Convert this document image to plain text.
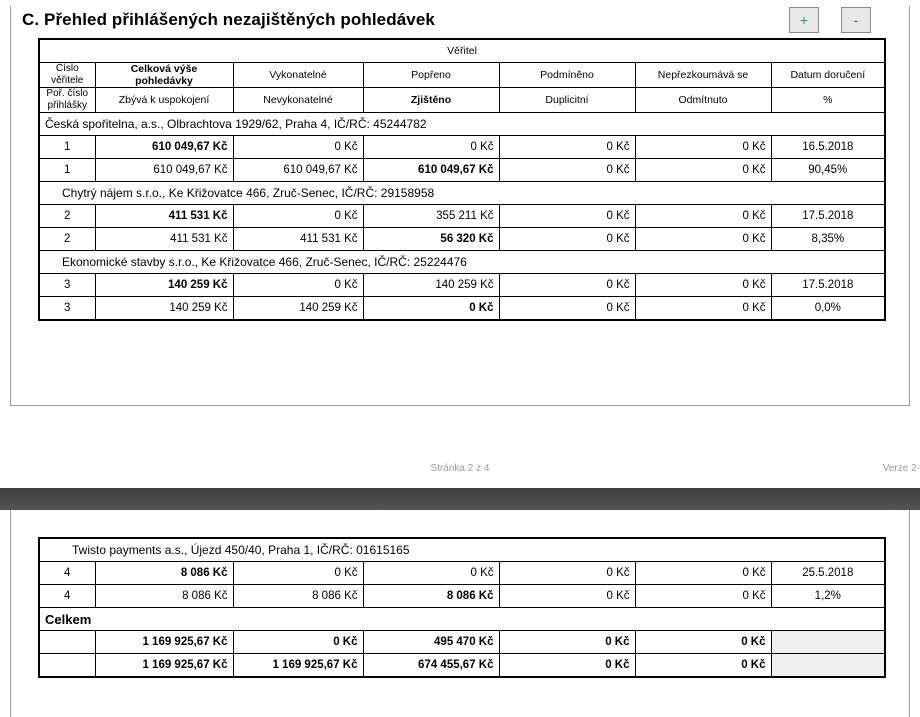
C. Přehled přihlášených nezajištěných pohledávek	+	-
Věřitel						
Číslo věřitele	Celková výše pohledávky	Vykonatelné	Popřeno	Podmíněno	Nepřezkoumává se	Datum doručení
Poř. číslo přihlášky	Zbývá k uspokojení	Nevykonatelné	Zjištěno	Duplicitní	Odmítnuto	%
Česká spořitelna, a.s., Olbrachtova 1929/62, Praha 4, IČ/RČ: 45244782						
1	610 049,67 Kč	0 Kč	0 Kč	0 Kč	0 Kč	16.5.2018
1	610 049,67 Kč	610 049,67 Kč	610 049,67 Kč	0 Kč	0 Kč	90,45%
Chytrý nájem s.r.o., Ke Křižovatce 466, Zruč-Senec, IČ/RČ: 29158958						
2	411 531 Kč	0 Kč	355 211 Kč	0 Kč	0 Kč	17.5.2018
2	411 531 Kč	411 531 Kč	56 320 Kč	0 Kč	0 Kč	8,35%
Ekonomické stavby s.r.o., Ke Křižovatce 466, Zruč-Senec, IČ/RČ: 25224476						
3	140 259 Kč	0 Kč	140 259 Kč	0 Kč	0 Kč	17.5.2018
3	140 259 Kč	140 259 Kč	0 Kč	0 Kč	0 Kč	0,0%
Stránka 2 z 4	Verze 2-
Twisto payments a.s., Újezd 450/40, Praha 1, IČ/RČ: 01615165						
4	8 086 Kč	0 Kč	0 Kč	0 Kč	0 Kč	25.5.2018
4	8 086 Kč	8 086 Kč	8 086 Kč	0 Kč	0 Kč	1,2%
Celkem						
	1 169 925,67 Kč	0 Kč	495 470 Kč	0 Kč	0 Kč	
	1 169 925,67 Kč	1 169 925,67 Kč	674 455,67 Kč	0 Kč	0 Kč	
